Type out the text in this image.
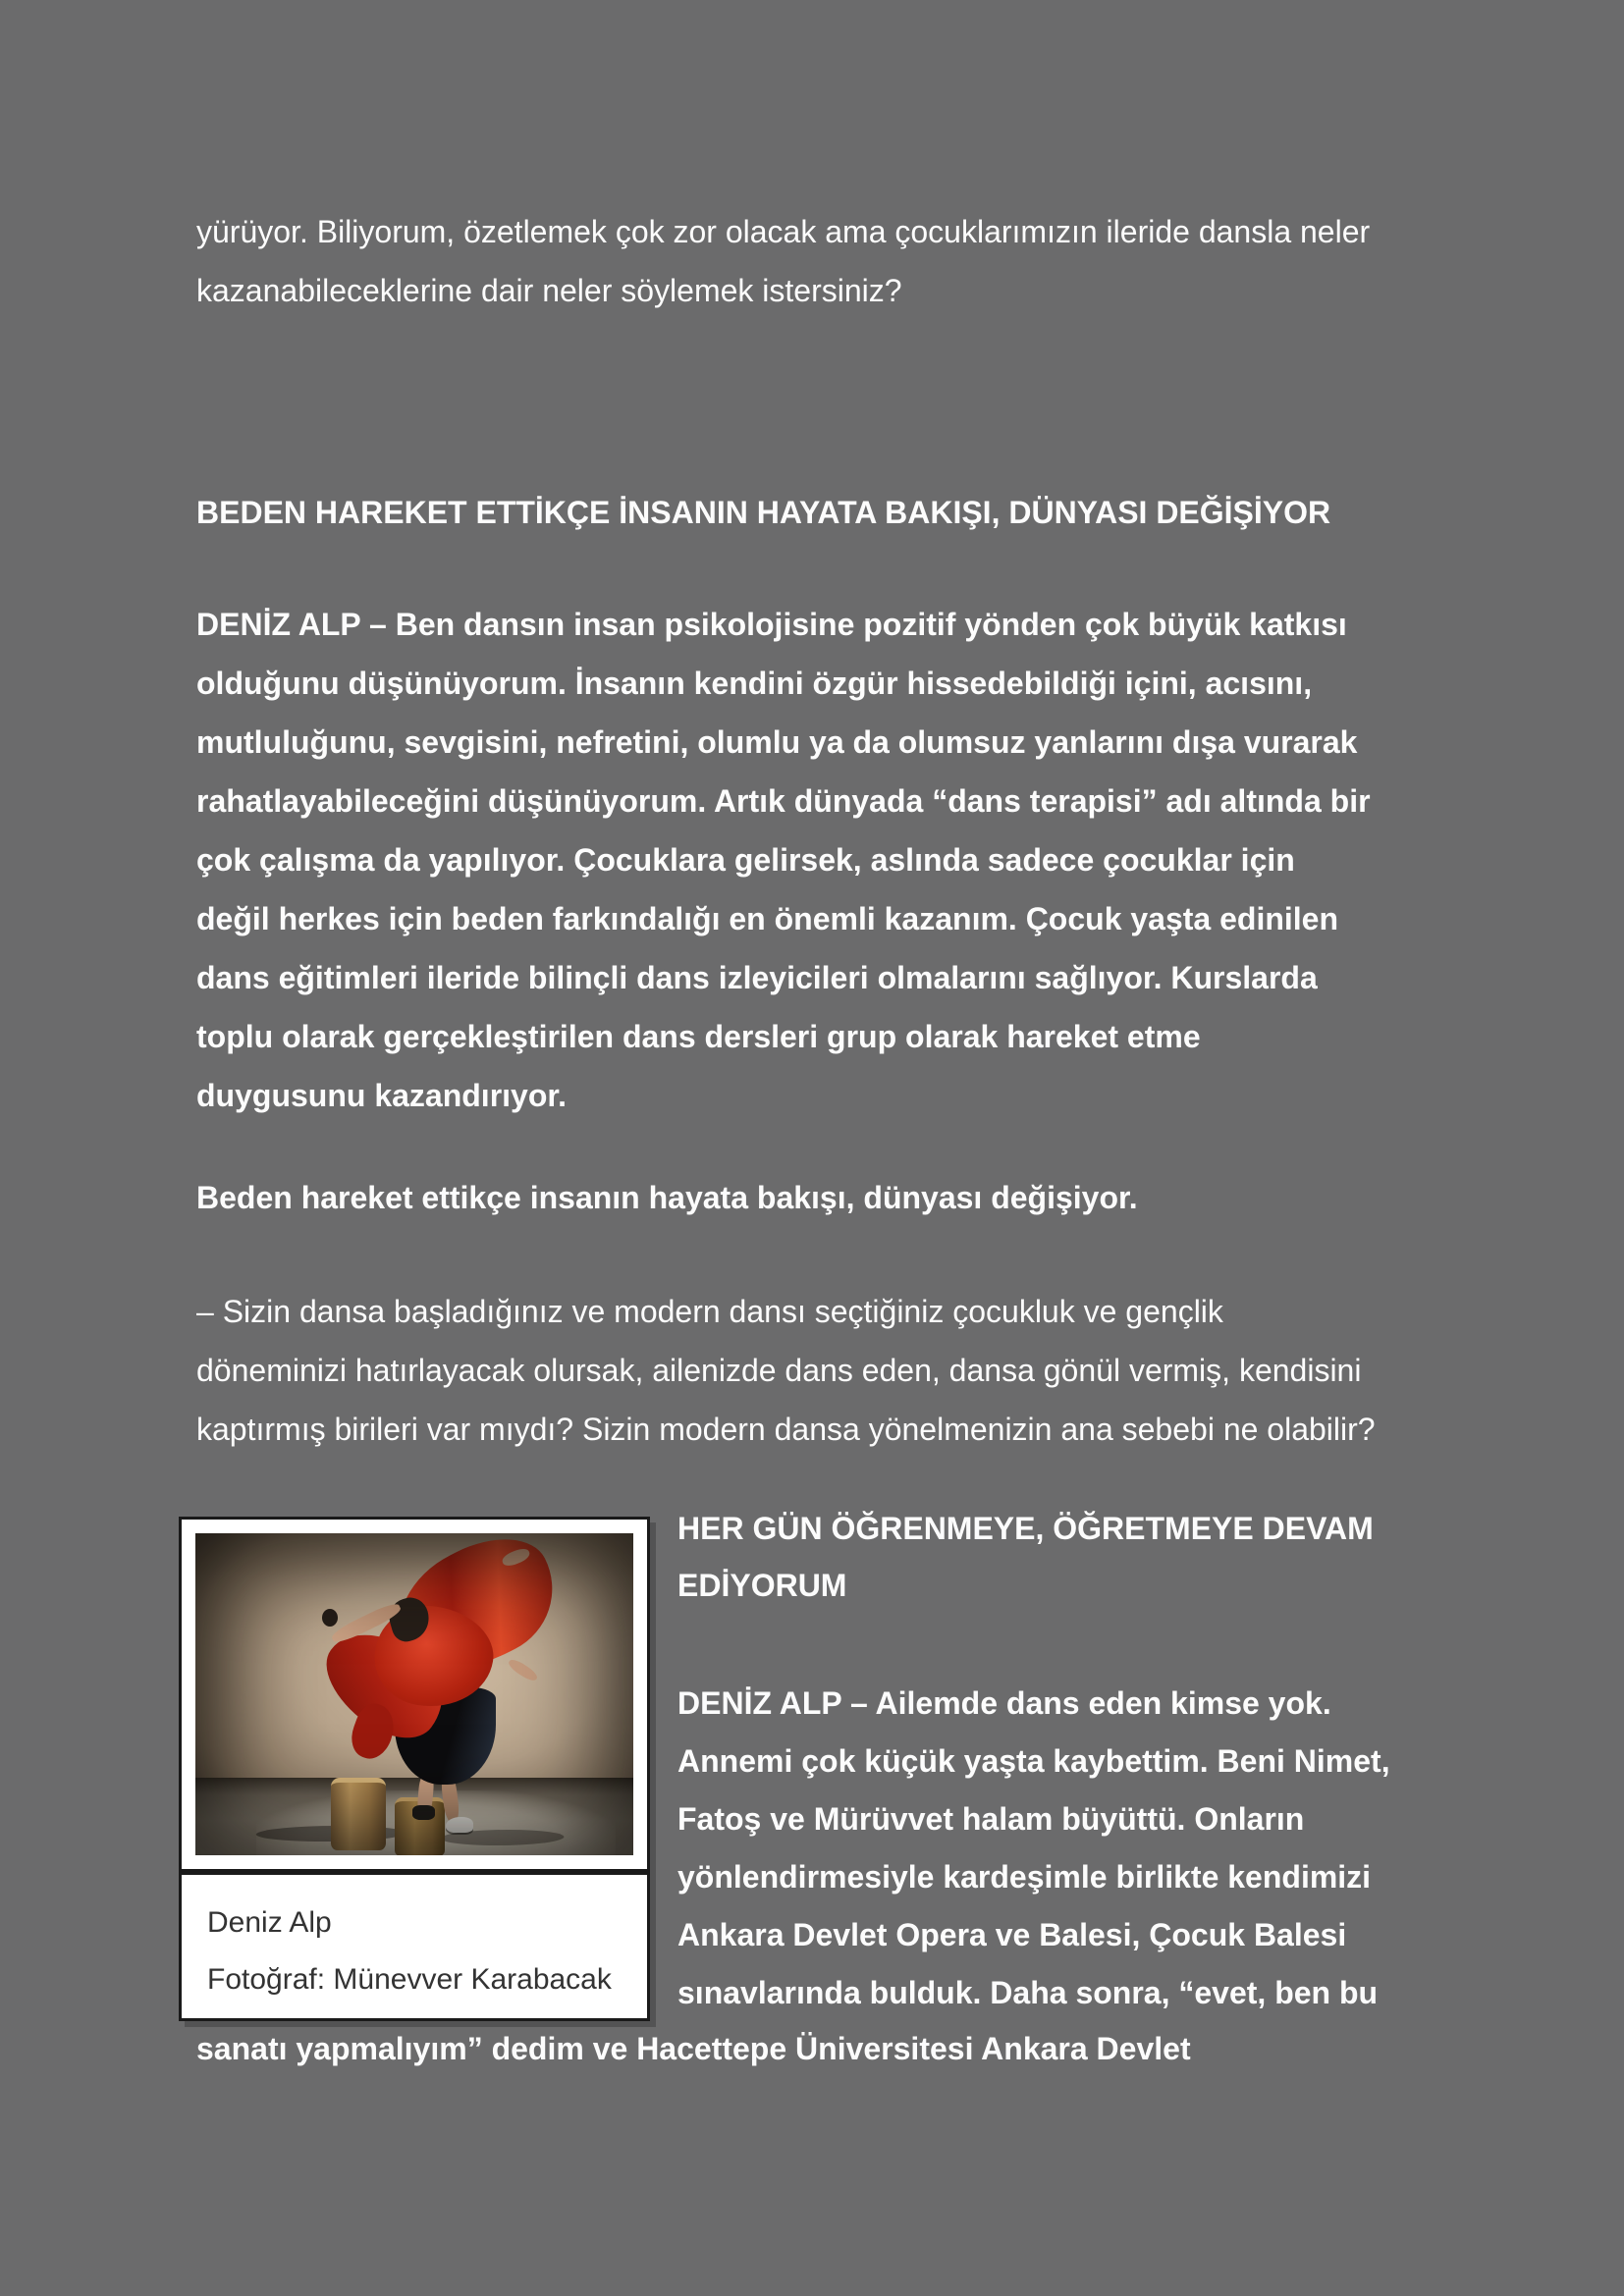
yürüyor. Biliyorum, özetlemek çok zor olacak ama çocuklarımızın ileride dansla neler
kazanabileceklerine dair neler söylemek istersiniz?
BEDEN HAREKET ETTİKÇE İNSANIN HAYATA BAKIŞI, DÜNYASI DEĞİŞİYOR
DENİZ ALP – Ben dansın insan psikolojisine pozitif yönden çok büyük katkısı
olduğunu düşünüyorum. İnsanın kendini özgür hissedebildiği içini, acısını,
mutluluğunu, sevgisini, nefretini, olumlu ya da olumsuz yanlarını dışa vurarak
rahatlayabileceğini düşünüyorum. Artık dünyada “dans terapisi” adı altında bir
çok çalışma da yapılıyor. Çocuklara gelirsek, aslında sadece çocuklar için
değil herkes için beden farkındalığı en önemli kazanım. Çocuk yaşta edinilen
dans eğitimleri ileride bilinçli dans izleyicileri olmalarını sağlıyor. Kurslarda
toplu olarak gerçekleştirilen dans dersleri grup olarak hareket etme
duygusunu kazandırıyor.
Beden hareket ettikçe insanın hayata bakışı, dünyası değişiyor.
– Sizin dansa başladığınız ve modern dansı seçtiğiniz çocukluk ve gençlik
döneminizi hatırlayacak olursak, ailenizde dans eden, dansa gönül vermiş, kendisini
kaptırmış birileri var mıydı? Sizin modern dansa yönelmenizin ana sebebi ne olabilir?
Deniz Alp
Fotoğraf: Münevver Karabacak
HER GÜN ÖĞRENMEYE, ÖĞRETMEYE DEVAM
EDİYORUM
DENİZ ALP – Ailemde dans eden kimse yok.
Annemi çok küçük yaşta kaybettim. Beni Nimet,
Fatoş ve Mürüvvet halam büyüttü. Onların
yönlendirmesiyle kardeşimle birlikte kendimizi
Ankara Devlet Opera ve Balesi, Çocuk Balesi
sınavlarında bulduk. Daha sonra, “evet, ben bu
sanatı yapmalıyım” dedim ve Hacettepe Üniversitesi Ankara Devlet
